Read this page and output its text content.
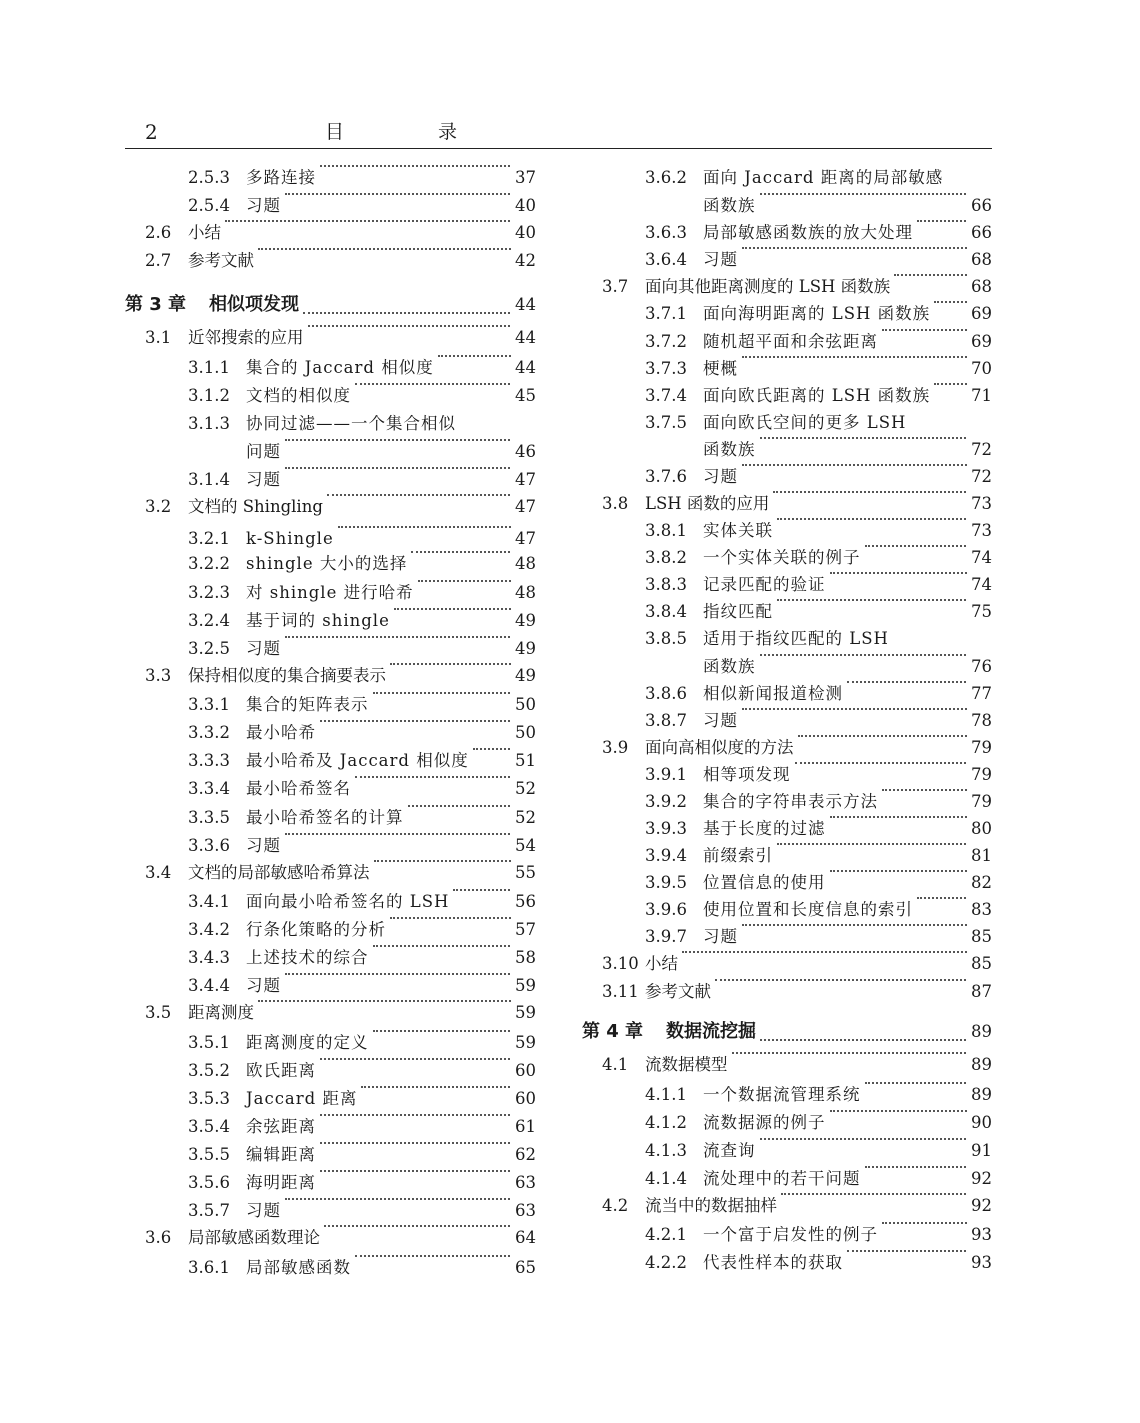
2	目 录
2.5.3 多路连接	37
2.5.4 习题	40
2.6 小结	40
2.7 参考文献	42
第 3 章 相似项发现	44
3.1 近邻搜索的应用	44
3.1.1 集合的 Jaccard 相似度	44
3.1.2 文档的相似度	45
3.1.3 协同过滤——一个集合相似
问题	46
3.1.4 习题	47
3.2 文档的 Shingling	47
3.2.1 k-Shingle	47
3.2.2 shingle 大小的选择	48
3.2.3 对 shingle 进行哈希	48
3.2.4 基于词的 shingle	49
3.2.5 习题	49
3.3 保持相似度的集合摘要表示	49
3.3.1 集合的矩阵表示	50
3.3.2 最小哈希	50
3.3.3 最小哈希及 Jaccard 相似度	51
3.3.4 最小哈希签名	52
3.3.5 最小哈希签名的计算	52
3.3.6 习题	54
3.4 文档的局部敏感哈希算法	55
3.4.1 面向最小哈希签名的 LSH	56
3.4.2 行条化策略的分析	57
3.4.3 上述技术的综合	58
3.4.4 习题	59
3.5 距离测度	59
3.5.1 距离测度的定义	59
3.5.2 欧氏距离	60
3.5.3 Jaccard 距离	60
3.5.4 余弦距离	61
3.5.5 编辑距离	62
3.5.6 海明距离	63
3.5.7 习题	63
3.6 局部敏感函数理论	64
3.6.1 局部敏感函数	65
3.6.2 面向 Jaccard 距离的局部敏感
函数族	66
3.6.3 局部敏感函数族的放大处理	66
3.6.4 习题	68
3.7 面向其他距离测度的 LSH 函数族	68
3.7.1 面向海明距离的 LSH 函数族 69
3.7.2 随机超平面和余弦距离	69
3.7.3 梗概	70
3.7.4 面向欧氏距离的 LSH 函数族 71
3.7.5 面向欧氏空间的更多 LSH
函数族	72
3.7.6 习题	72
3.8 LSH 函数的应用	73
3.8.1 实体关联	73
3.8.2 一个实体关联的例子	74
3.8.3 记录匹配的验证	74
3.8.4 指纹匹配	75
3.8.5 适用于指纹匹配的 LSH
函数族	76
3.8.6 相似新闻报道检测	77
3.8.7 习题	78
3.9 面向高相似度的方法	79
3.9.1 相等项发现	79
3.9.2 集合的字符串表示方法	79
3.9.3 基于长度的过滤	80
3.9.4 前缀索引	81
3.9.5 位置信息的使用	82
3.9.6 使用位置和长度信息的索引	83
3.9.7 习题	85
3.10 小结	85
3.11 参考文献	87
第 4 章 数据流挖掘	89
4.1 流数据模型	89
4.1.1 一个数据流管理系统	89
4.1.2 流数据源的例子	90
4.1.3 流查询	91
4.1.4 流处理中的若干问题	92
4.2 流当中的数据抽样	92
4.2.1 一个富于启发性的例子	93
4.2.2 代表性样本的获取	93
